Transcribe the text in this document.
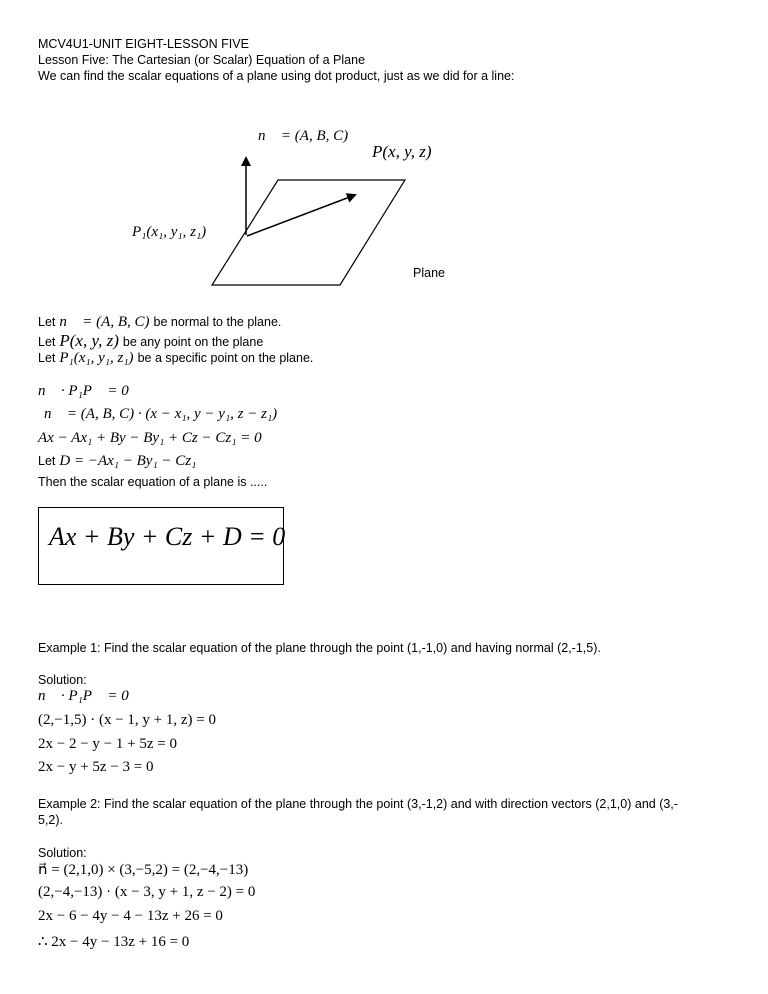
MCV4U1-UNIT EIGHT-LESSON FIVE
Lesson Five: The Cartesian (or Scalar) Equation of a Plane
We can find the scalar equations of a plane using dot product, just as we did for a line:
n⃗ = (A, B, C)
P(x, y, z)
P₁(x₁, y₁, z₁)
Plane
Let n⃗ = (A, B, C) be normal to the plane.
Let P(x, y, z) be any point on the plane
Let P₁(x₁, y₁, z₁) be a specific point on the plane.
n⃗ · P₁P⃗ = 0
n⃗ = (A, B, C) · (x − x₁, y − y₁, z − z₁)
Ax − Ax₁ + By − By₁ + Cz − Cz₁ = 0
Let D = −Ax₁ − By₁ − Cz₁
Then the scalar equation of a plane is .....
Ax + By + Cz + D = 0
Example 1: Find the scalar equation of the plane through the point (1,-1,0) and having normal (2,-1,5).
Solution:
n⃗ · P₁P⃗ = 0
(2,−1,5) · (x − 1, y + 1, z) = 0
2x − 2 − y − 1 + 5z = 0
2x − y + 5z − 3 = 0
Example 2: Find the scalar equation of the plane through the point (3,-1,2) and with direction vectors (2,1,0) and (3,-
5,2).
Solution:
n⃗ = (2,1,0) × (3,−5,2) = (2,−4,−13)
(2,−4,−13) · (x − 3, y + 1, z − 2) = 0
2x − 6 − 4y − 4 − 13z + 26 = 0
∴ 2x − 4y − 13z + 16 = 0
